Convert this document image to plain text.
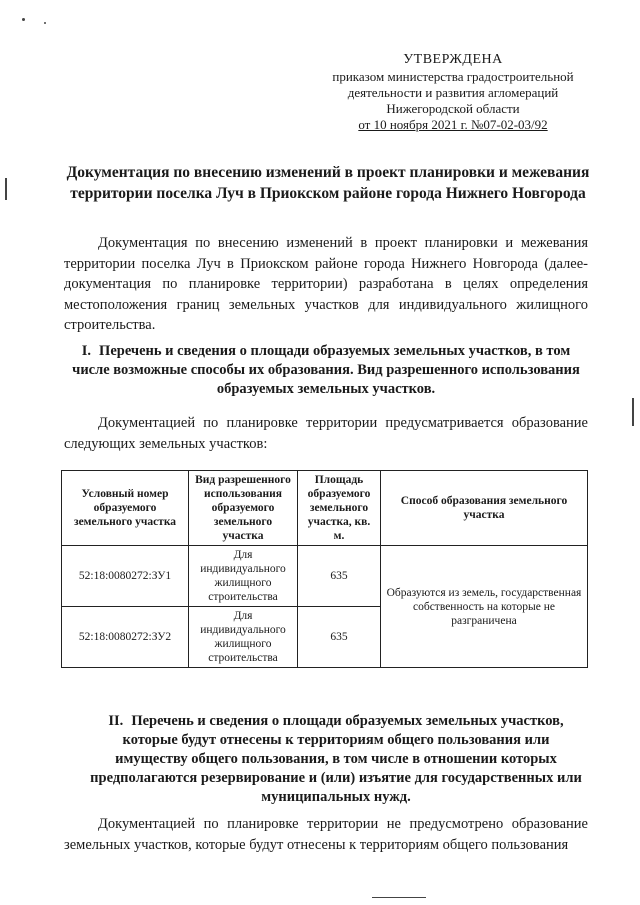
УТВЕРЖДЕНА
приказом министерства градостроительной
деятельности и развития агломераций
Нижегородской области
от 10 ноября 2021 г. №07-02-03/92
Документация по внесению изменений в проект планировки и межевания территории поселка Луч в Приокском районе города Нижнего Новгорода
Документация по внесению изменений в проект планировки и межевания территории поселка Луч в Приокском районе города Нижнего Новгорода (далее-документация по планировке территории) разработана в целях определения местоположения границ земельных участков для индивидуального жилищного строительства.
I. Перечень и сведения о площади образуемых земельных участков, в том числе возможные способы их образования. Вид разрешенного использования образуемых земельных участков.
Документацией по планировке территории предусматривается образование следующих земельных участков:
Условный номер образуемого земельного участка	Вид разрешенного использования образуемого земельного участка	Площадь образуемого земельного участка, кв. м.	Способ образования земельного участка
52:18:0080272:ЗУ1	Для индивидуального жилищного строительства	635	Образуются из земель, государственная собственность на которые не разграничена
52:18:0080272:ЗУ2	Для индивидуального жилищного строительства	635	
II. Перечень и сведения о площади образуемых земельных участков, которые будут отнесены к территориям общего пользования или имуществу общего пользования, в том числе в отношении которых предполагаются резервирование и (или) изъятие для государственных или муниципальных нужд.
Документацией по планировке территории не предусмотрено образование земельных участков, которые будут отнесены к территориям общего пользования
